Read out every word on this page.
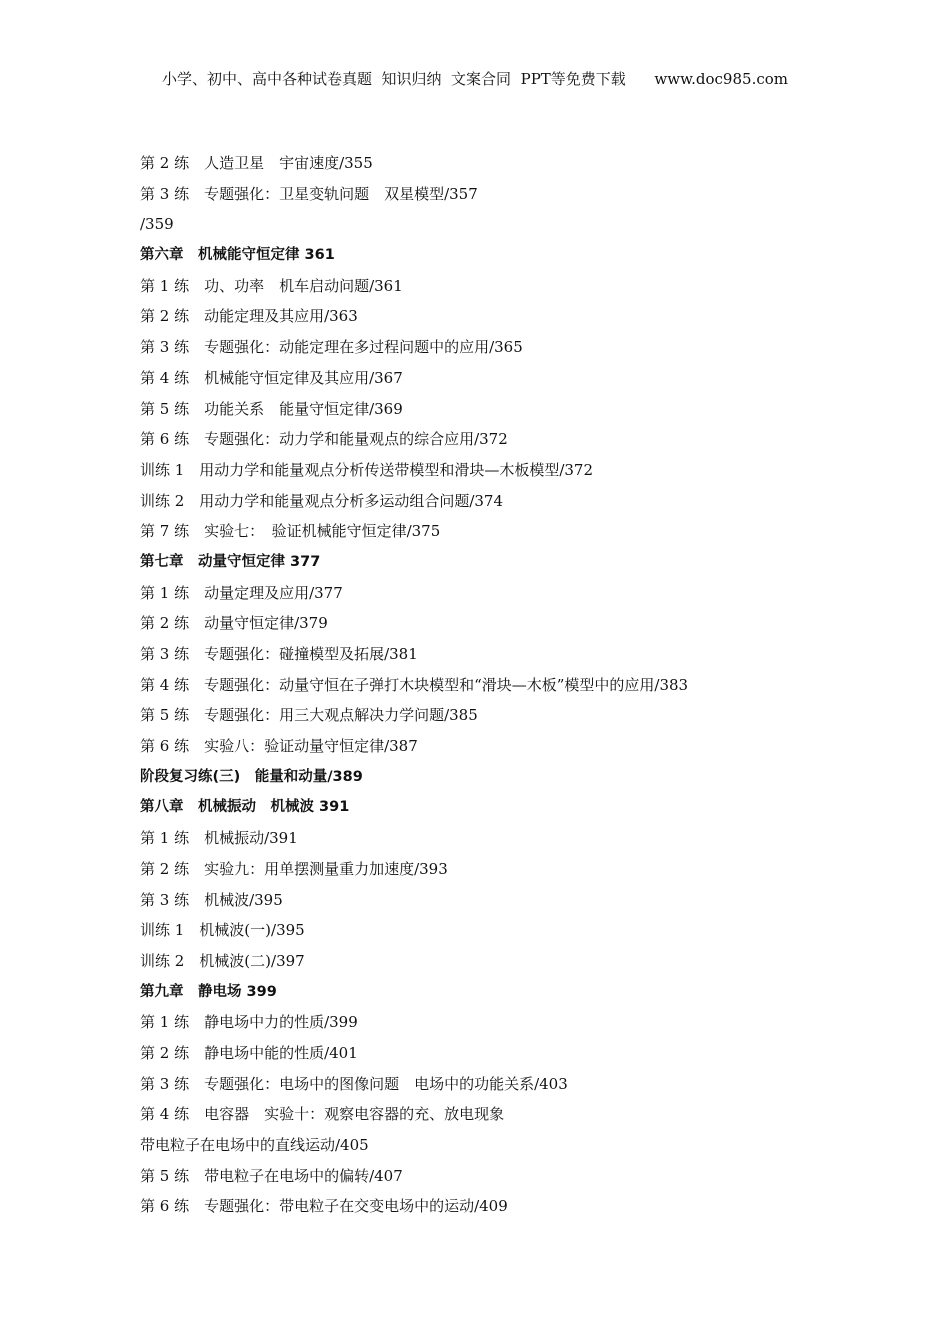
小学、初中、高中各种试卷真题  知识归纳  文案合同  PPT等免费下载      www.doc985.com
第 2 练　人造卫星　宇宙速度/355
第 3 练　专题强化：卫星变轨问题　双星模型/357
/359
第六章　机械能守恒定律 361
第 1 练　功、功率　机车启动问题/361
第 2 练　动能定理及其应用/363
第 3 练　专题强化：动能定理在多过程问题中的应用/365
第 4 练　机械能守恒定律及其应用/367
第 5 练　功能关系　能量守恒定律/369
第 6 练　专题强化：动力学和能量观点的综合应用/372
训练 1　用动力学和能量观点分析传送带模型和滑块—木板模型/372
训练 2　用动力学和能量观点分析多运动组合问题/374
第 7 练　实验七：　验证机械能守恒定律/375
第七章　动量守恒定律 377
第 1 练　动量定理及应用/377
第 2 练　动量守恒定律/379
第 3 练　专题强化：碰撞模型及拓展/381
第 4 练　专题强化：动量守恒在子弹打木块模型和“滑块—木板”模型中的应用/383
第 5 练　专题强化：用三大观点解决力学问题/385
第 6 练　实验八：验证动量守恒定律/387
阶段复习练(三)　能量和动量/389
第八章　机械振动　机械波 391
第 1 练　机械振动/391
第 2 练　实验九：用单摆测量重力加速度/393
第 3 练　机械波/395
训练 1　机械波(一)/395
训练 2　机械波(二)/397
第九章　静电场 399
第 1 练　静电场中力的性质/399
第 2 练　静电场中能的性质/401
第 3 练　专题强化：电场中的图像问题　电场中的功能关系/403
第 4 练　电容器　实验十：观察电容器的充、放电现象
带电粒子在电场中的直线运动/405
第 5 练　带电粒子在电场中的偏转/407
第 6 练　专题强化：带电粒子在交变电场中的运动/409
